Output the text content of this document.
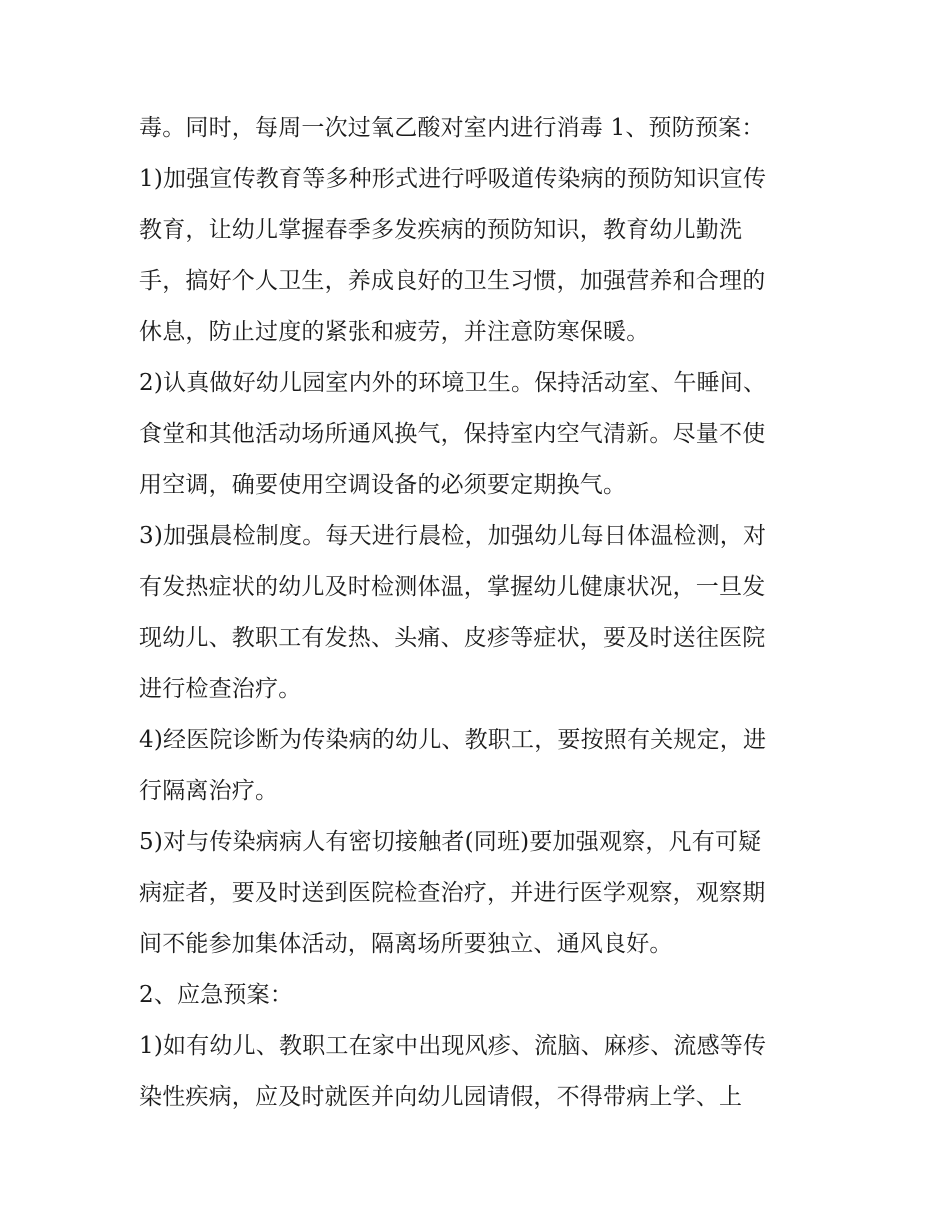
毒。同时，每周一次过氧乙酸对室内进行消毒 1、预防预案：
1)加强宣传教育等多种形式进行呼吸道传染病的预防知识宣传
教育，让幼儿掌握春季多发疾病的预防知识，教育幼儿勤洗
手，搞好个人卫生，养成良好的卫生习惯，加强营养和合理的
休息，防止过度的紧张和疲劳，并注意防寒保暖。
2)认真做好幼儿园室内外的环境卫生。保持活动室、午睡间、
食堂和其他活动场所通风换气，保持室内空气清新。尽量不使
用空调，确要使用空调设备的必须要定期换气。
3)加强晨检制度。每天进行晨检，加强幼儿每日体温检测，对
有发热症状的幼儿及时检测体温，掌握幼儿健康状况，一旦发
现幼儿、教职工有发热、头痛、皮疹等症状，要及时送往医院
进行检查治疗。
4)经医院诊断为传染病的幼儿、教职工，要按照有关规定，进
行隔离治疗。
5)对与传染病病人有密切接触者(同班)要加强观察，凡有可疑
病症者，要及时送到医院检查治疗，并进行医学观察，观察期
间不能参加集体活动，隔离场所要独立、通风良好。
2、应急预案：
1)如有幼儿、教职工在家中出现风疹、流脑、麻疹、流感等传
染性疾病，应及时就医并向幼儿园请假，不得带病上学、上
